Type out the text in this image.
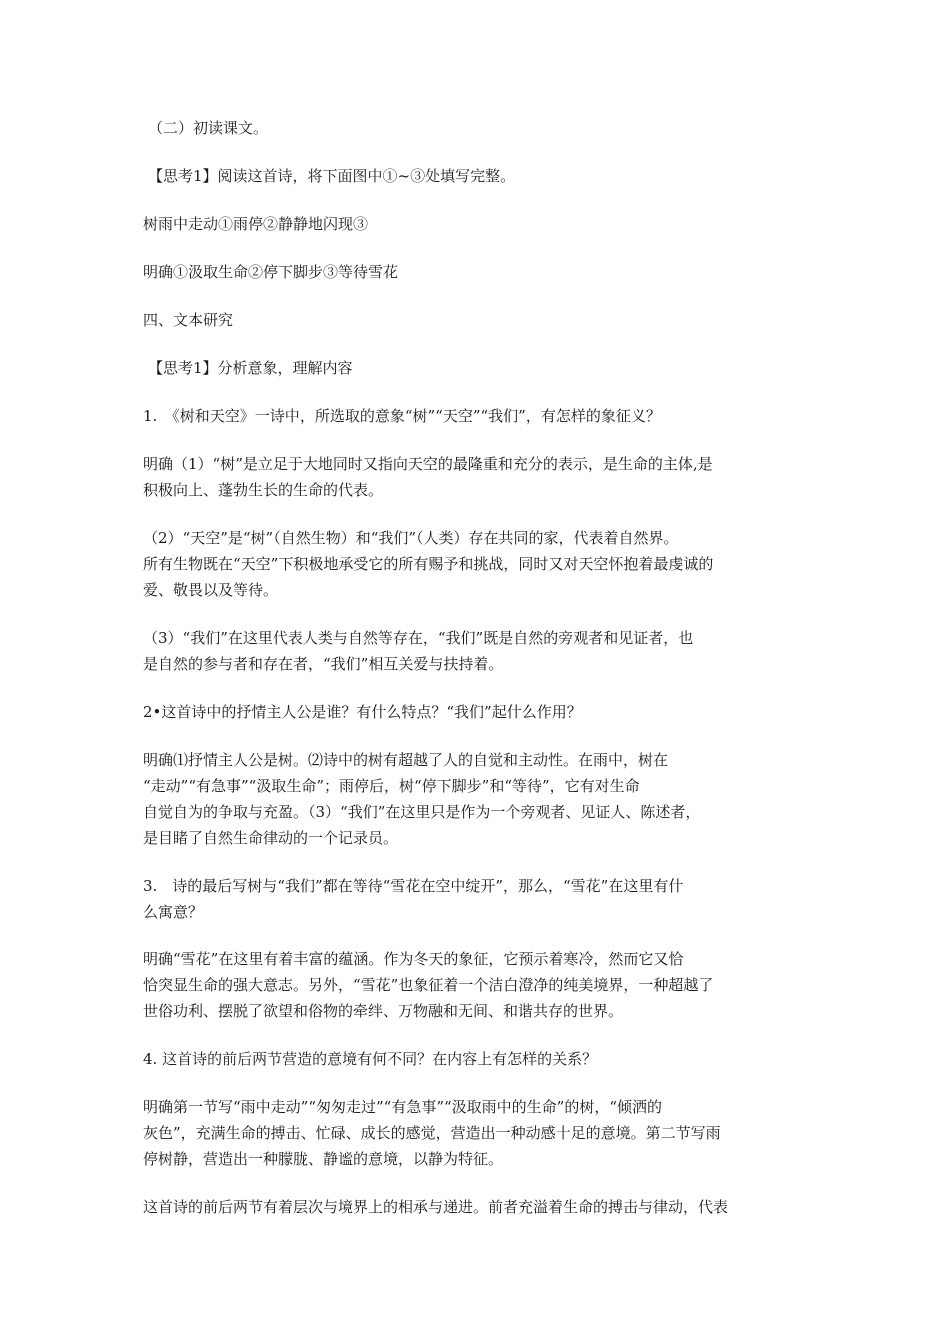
（二）初读课文。
【思考1】阅读这首诗，将下面图中①~③处填写完整。
树雨中走动①雨停②静静地闪现③
明确①汲取生命②停下脚步③等待雪花
四、文本研究
【思考1】分析意象，理解内容
1.　《树和天空》一诗中，所选取的意象“树”“天空”“我们”，有怎样的象征义？
明确（1）“树”是立足于大地同时又指向天空的最隆重和充分的表示，是生命的主体,是
积极向上、蓬勃生长的生命的代表。
（2）“天空”是“树”（自然生物）和“我们”（人类）存在共同的家，代表着自然界。
所有生物既在“天空”下积极地承受它的所有赐予和挑战，同时又对天空怀抱着最虔诚的
爱、敬畏以及等待。
（3）“我们”在这里代表人类与自然等存在，“我们”既是自然的旁观者和见证者，也
是自然的参与者和存在者，“我们”相互关爱与扶持着。
2•这首诗中的抒情主人公是谁？有什么特点？“我们”起什么作用？
明确⑴抒情主人公是树。⑵诗中的树有超越了人的自觉和主动性。在雨中，树在
“走动”“有急事”“汲取生命”；雨停后，树“停下脚步”和“等待”，它有对生命
自觉自为的争取与充盈。（3）“我们”在这里只是作为一个旁观者、见证人、陈述者，
是目睹了自然生命律动的一个记录员。
3.　诗的最后写树与“我们”都在等待“雪花在空中绽开”，那么，“雪花”在这里有什
么寓意？
明确“雪花”在这里有着丰富的蕴涵。作为冬天的象征，它预示着寒冷，然而它又恰
恰突显生命的强大意志。另外，“雪花”也象征着一个洁白澄净的纯美境界，一种超越了
世俗功利、摆脱了欲望和俗物的牵绊、万物融和无间、和谐共存的世界。
4. 这首诗的前后两节营造的意境有何不同？在内容上有怎样的关系？
明确第一节写“雨中走动”“匆匆走过”“有急事”“汲取雨中的生命”的树，“倾洒的
灰色”，充满生命的搏击、忙碌、成长的感觉，营造出一种动感十足的意境。第二节写雨
停树静，营造出一种朦胧、静谧的意境，以静为特征。
这首诗的前后两节有着层次与境界上的相承与递进。前者充溢着生命的搏击与律动，代表
